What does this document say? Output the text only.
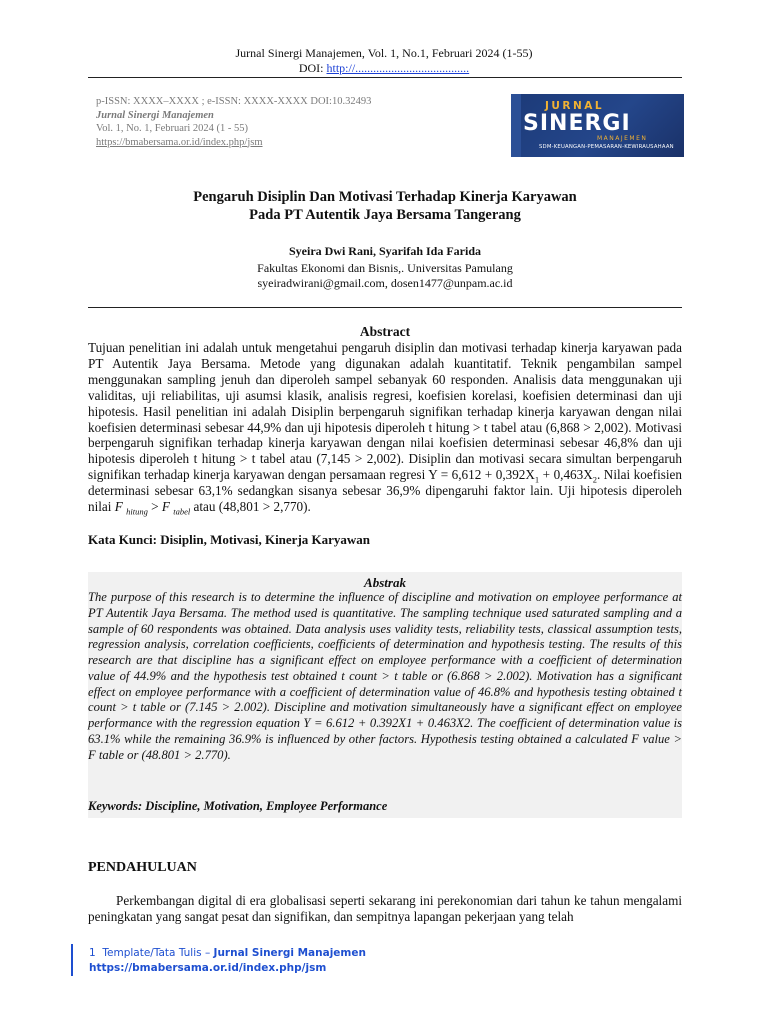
Jurnal Sinergi Manajemen, Vol. 1, No.1, Februari 2024 (1-55)
DOI: http://......................................
p-ISSN: XXXX–XXXX ; e-ISSN: XXXX-XXXX DOI:10.32493
Jurnal Sinergi Manajemen
Vol. 1, No. 1, Februari 2024 (1 - 55)
https://bmabersama.or.id/index.php/jsm
JURNAL
SINERGI
MANAJEMEN
SDM-KEUANGAN-PEMASARAN-KEWIRAUSAHAAN
Pengaruh Disiplin Dan Motivasi Terhadap Kinerja Karyawan
Pada PT Autentik Jaya Bersama Tangerang
Syeira Dwi Rani, Syarifah Ida Farida
Fakultas Ekonomi dan Bisnis,. Universitas Pamulang
syeiradwirani@gmail.com, dosen1477@unpam.ac.id
Abstract
Tujuan penelitian ini adalah untuk mengetahui pengaruh disiplin dan motivasi terhadap kinerja karyawan pada PT Autentik Jaya Bersama. Metode yang digunakan adalah kuantitatif. Teknik pengambilan sampel menggunakan sampling jenuh dan diperoleh sampel sebanyak 60 responden. Analisis data menggunakan uji validitas, uji reliabilitas, uji asumsi klasik, analisis regresi, koefisien korelasi, koefisien determinasi dan uji hipotesis. Hasil penelitian ini adalah Disiplin berpengaruh signifikan terhadap kinerja karyawan dengan nilai koefisien determinasi sebesar 44,9% dan uji hipotesis diperoleh t hitung > t tabel atau (6,868 > 2,002). Motivasi berpengaruh signifikan terhadap kinerja karyawan dengan nilai koefisien determinasi sebesar 46,8% dan uji hipotesis diperoleh t hitung > t tabel atau (7,145 > 2,002). Disiplin dan motivasi secara simultan berpengaruh signifikan terhadap kinerja karyawan dengan persamaan regresi $Y = 6,612 + 0,392X_1 + 0,463X_2$. Nilai koefisien determinasi sebesar 63,1% sedangkan sisanya sebesar 36,9% dipengaruhi faktor lain. Uji hipotesis diperoleh nilai F $_{hitung}$ > F $_{tabel}$ atau (48,801 > 2,770).
Kata Kunci: Disiplin, Motivasi, Kinerja Karyawan
Abstrak
The purpose of this research is to determine the influence of discipline and motivation on employee performance at PT Autentik Jaya Bersama. The method used is quantitative. The sampling technique used saturated sampling and a sample of 60 respondents was obtained. Data analysis uses validity tests, reliability tests, classical assumption tests, regression analysis, correlation coefficients, coefficients of determination and hypothesis testing. The results of this research are that discipline has a significant effect on employee performance with a coefficient of determination value of 44.9% and the hypothesis test obtained t count > t table or (6.868 > 2.002). Motivation has a significant effect on employee performance with a coefficient of determination value of 46.8% and hypothesis testing obtained t count > t table or (7.145 > 2.002). Discipline and motivation simultaneously have a significant effect on employee performance with the regression equation Y = 6.612 + 0.392X1 + 0.463X2. The coefficient of determination value is 63.1% while the remaining 36.9% is influenced by other factors. Hypothesis testing obtained a calculated F value > F table or (48.801 > 2.770).
Keywords: Discipline, Motivation, Employee Performance
PENDAHULUAN
Perkembangan digital di era globalisasi seperti sekarang ini perekonomian dari tahun ke tahun mengalami peningkatan yang sangat pesat dan signifikan, dan sempitnya lapangan pekerjaan yang telah
1 Template/Tata Tulis – Jurnal Sinergi Manajemen
https://bmabersama.or.id/index.php/jsm
